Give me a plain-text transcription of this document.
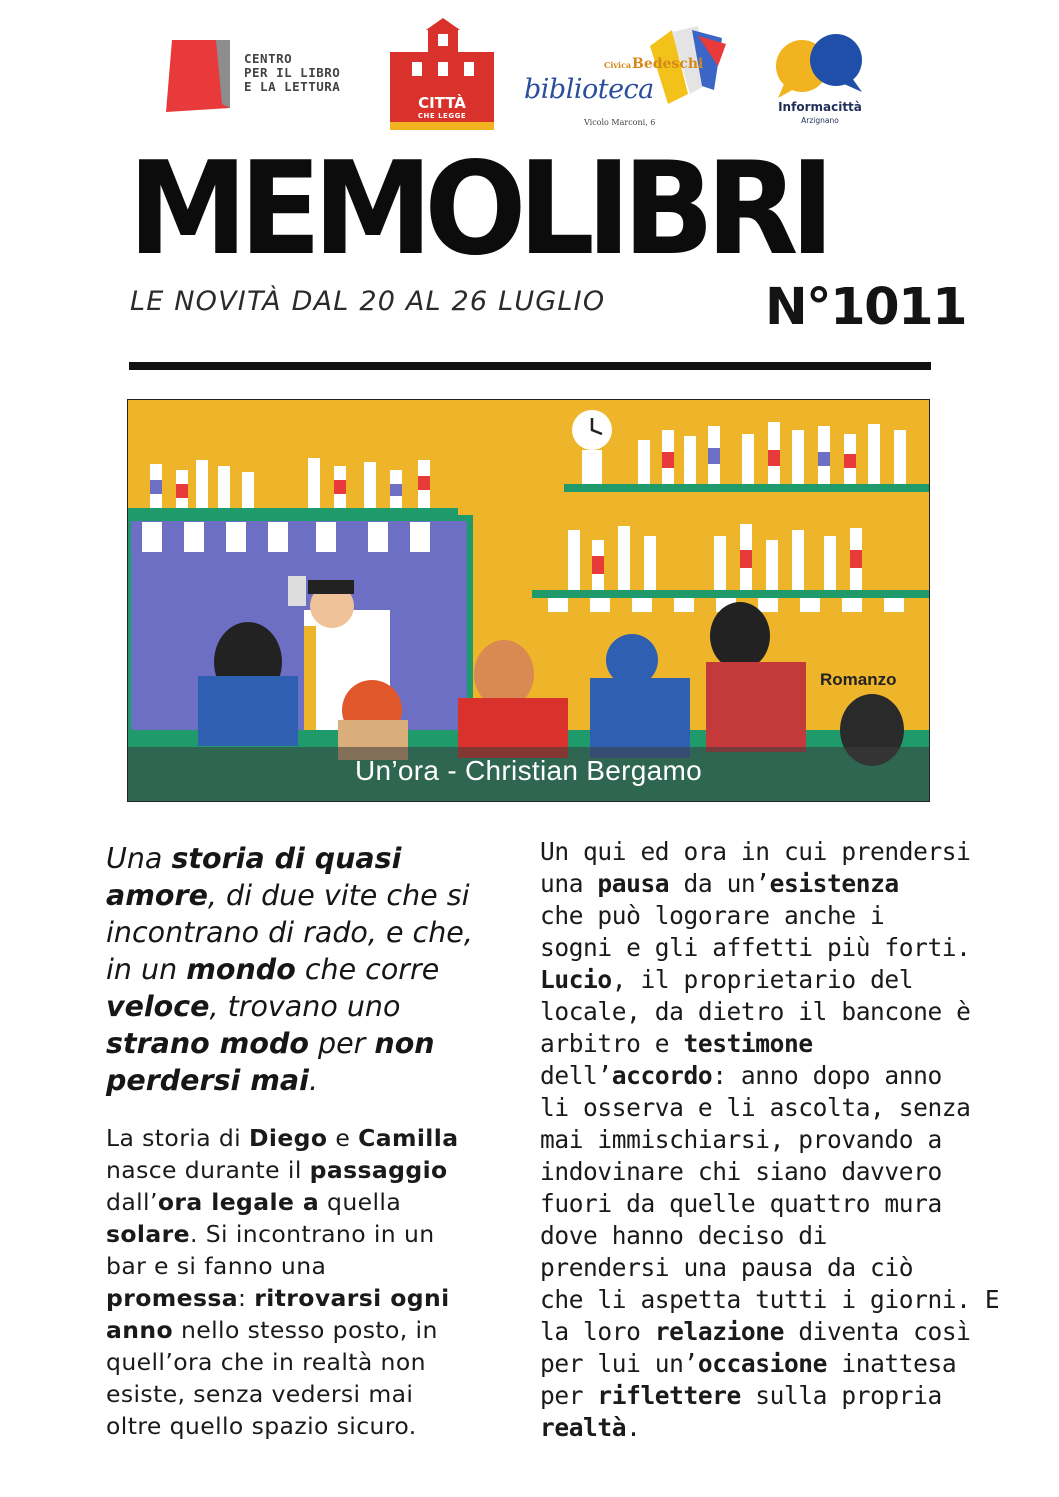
CENTRO
PER IL LIBRO
E LA LETTURA
CITTÀ
CHE LEGGE
Civica Bedeschi
biblioteca
Vicolo Marconi, 6
Informacittà
Arzignano
MEMOLIBRI
LE NOVITÀ DAL 20 AL 26 LUGLIO	N°1011
Romanzo
Un’ora - Christian Bergamo
Una storia di quasi
amore, di due vite che si
incontrano di rado, e che,
in un mondo che corre
veloce, trovano uno
strano modo per non
perdersi mai.
La storia di Diego e Camilla
nasce durante il passaggio
dall’ora legale a quella
solare. Si incontrano in un
bar e si fanno una
promessa: ritrovarsi ogni
anno nello stesso posto, in
quell’ora che in realtà non
esiste, senza vedersi mai
oltre quello spazio sicuro.
Un qui ed ora in cui prendersi
una pausa da un’esistenza
che può logorare anche i
sogni e gli affetti più forti.
Lucio, il proprietario del
locale, da dietro il bancone è
arbitro e testimone
dell’accordo: anno dopo anno
li osserva e li ascolta, senza
mai immischiarsi, provando a
indovinare chi siano davvero
fuori da quelle quattro mura
dove hanno deciso di
prendersi una pausa da ciò
che li aspetta tutti i giorni. E
la loro relazione diventa così
per lui un’occasione inattesa
per riflettere sulla propria
realtà.
